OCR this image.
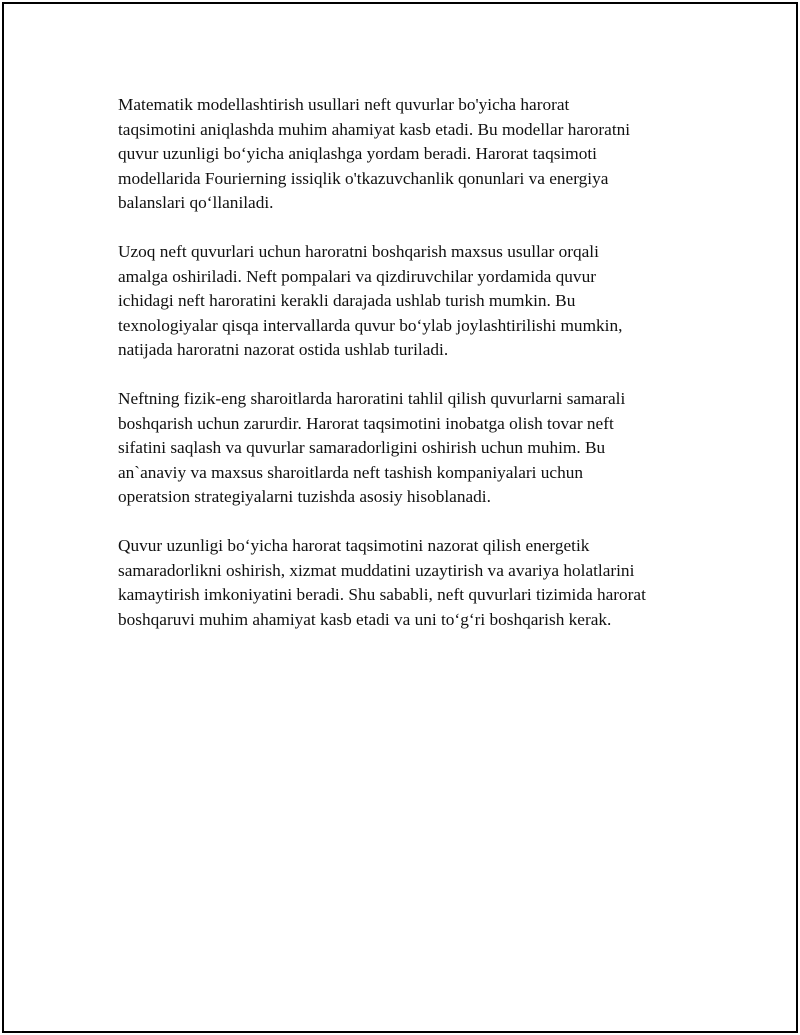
Matematik modellashtirish usullari neft quvurlar bo'yicha harorat
taqsimotini aniqlashda muhim ahamiyat kasb etadi. Bu modellar haroratni
quvur uzunligi bo‘yicha aniqlashga yordam beradi. Harorat taqsimoti
modellarida Fourierning issiqlik o'tkazuvchanlik qonunlari va energiya
balanslari qo‘llaniladi.

Uzoq neft quvurlari uchun haroratni boshqarish maxsus usullar orqali
amalga oshiriladi. Neft pompalari va qizdiruvchilar yordamida quvur
ichidagi neft haroratini kerakli darajada ushlab turish mumkin. Bu
texnologiyalar qisqa intervallarda quvur bo‘ylab joylashtirilishi mumkin,
natijada haroratni nazorat ostida ushlab turiladi.

Neftning fizik-eng sharoitlarda haroratini tahlil qilish quvurlarni samarali
boshqarish uchun zarurdir. Harorat taqsimotini inobatga olish tovar neft
sifatini saqlash va quvurlar samaradorligini oshirish uchun muhim. Bu
an`anaviy va maxsus sharoitlarda neft tashish kompaniyalari uchun
operatsion strategiyalarni tuzishda asosiy hisoblanadi.

Quvur uzunligi bo‘yicha harorat taqsimotini nazorat qilish energetik
samaradorlikni oshirish, xizmat muddatini uzaytirish va avariya holatlarini
kamaytirish imkoniyatini beradi. Shu sababli, neft quvurlari tizimida harorat
boshqaruvi muhim ahamiyat kasb etadi va uni to‘g‘ri boshqarish kerak.
